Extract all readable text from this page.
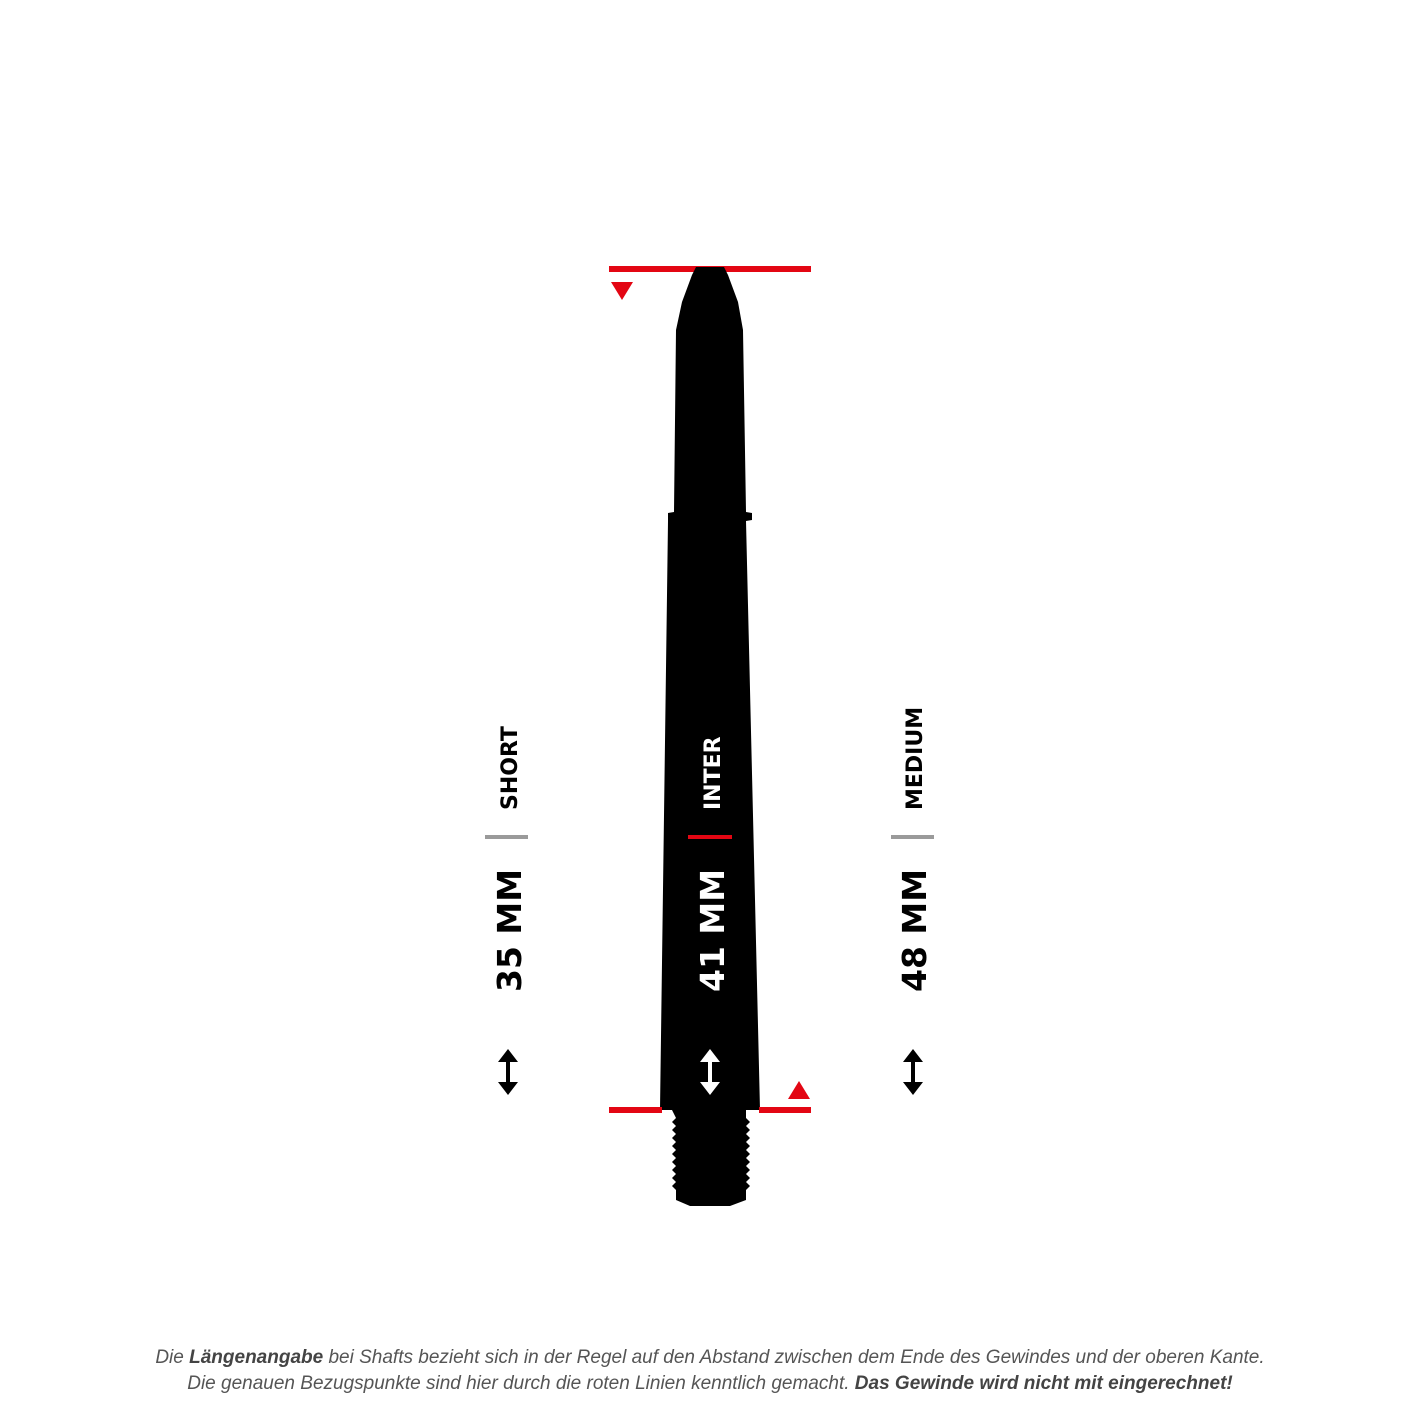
SHORT
35 MM
INTER
41 MM
MEDIUM
48 MM
Die Längenangabe bei Shafts bezieht sich in der Regel auf den Abstand zwischen dem Ende des Gewindes und der oberen Kante.
Die genauen Bezugspunkte sind hier durch die roten Linien kenntlich gemacht. Das Gewinde wird nicht mit eingerechnet!
